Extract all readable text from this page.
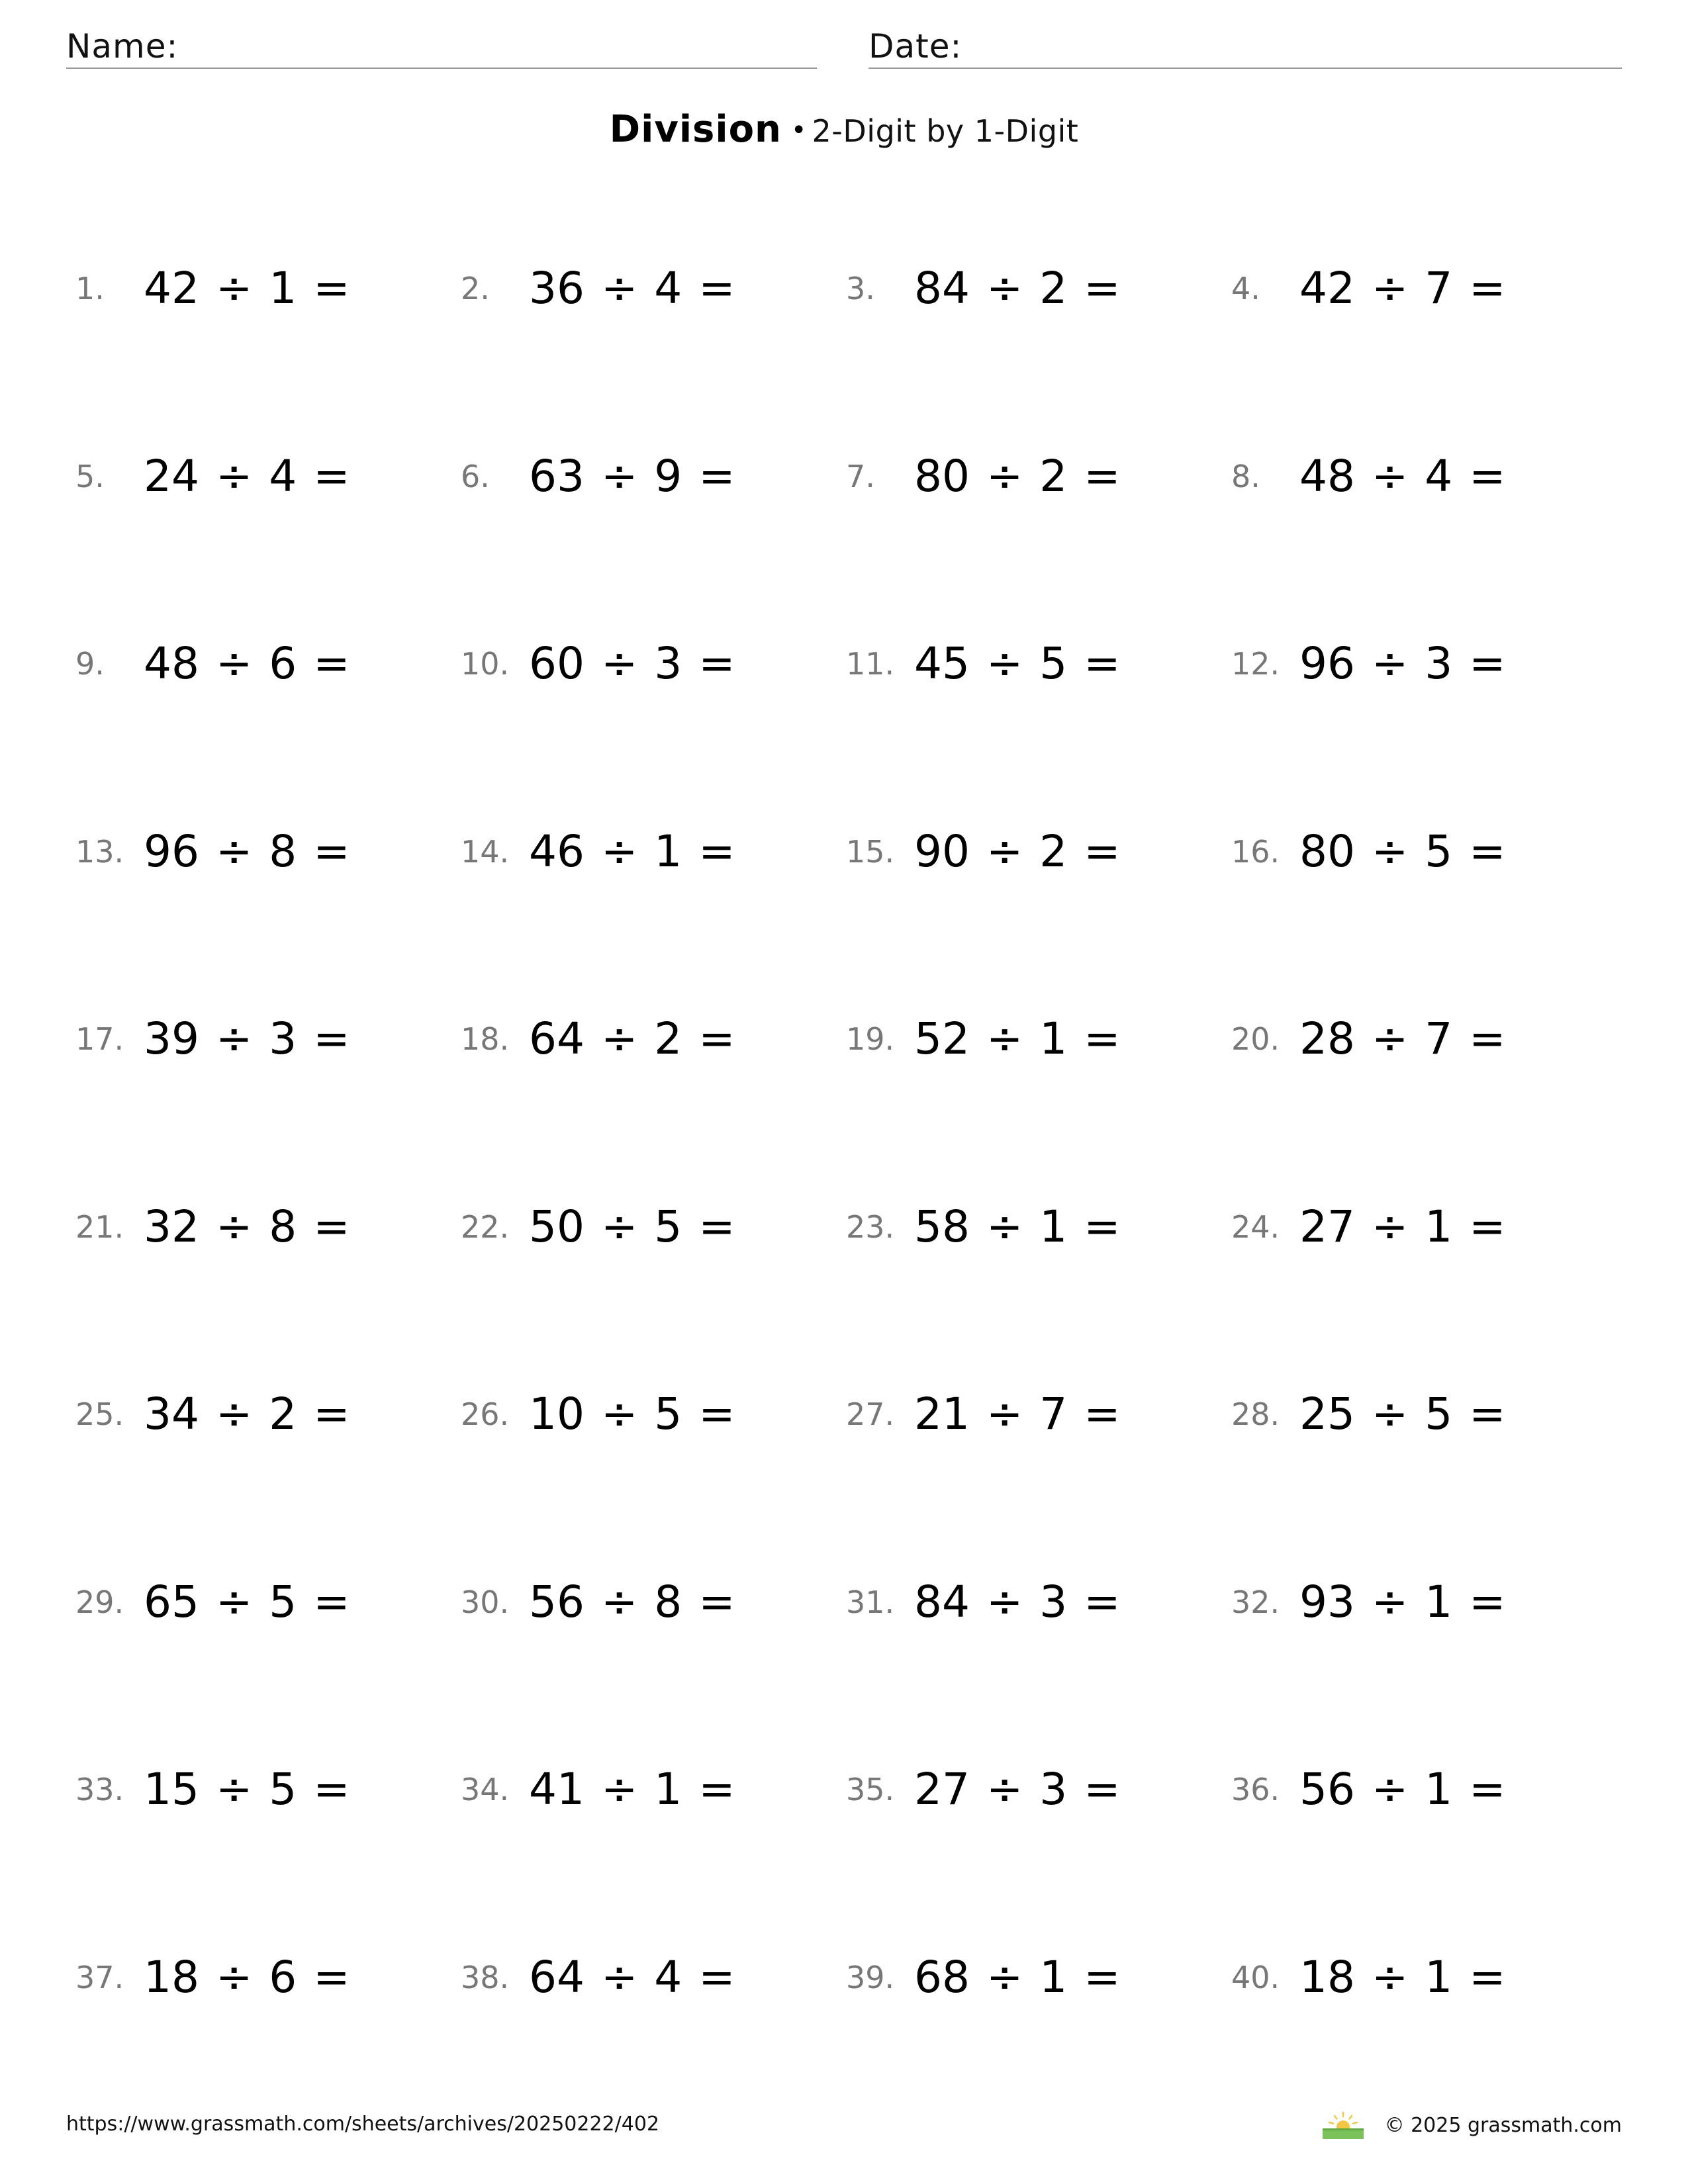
Name:	Date:
Division • 2-Digit by 1-Digit
1. 42 ÷ 1 =	2. 36 ÷ 4 =	3. 84 ÷ 2 =	4. 42 ÷ 7 =
5. 24 ÷ 4 =	6. 63 ÷ 9 =	7. 80 ÷ 2 =	8. 48 ÷ 4 =
9. 48 ÷ 6 =	10. 60 ÷ 3 =	11. 45 ÷ 5 =	12. 96 ÷ 3 =
13. 96 ÷ 8 =	14. 46 ÷ 1 =	15. 90 ÷ 2 =	16. 80 ÷ 5 =
17. 39 ÷ 3 =	18. 64 ÷ 2 =	19. 52 ÷ 1 =	20. 28 ÷ 7 =
21. 32 ÷ 8 =	22. 50 ÷ 5 =	23. 58 ÷ 1 =	24. 27 ÷ 1 =
25. 34 ÷ 2 =	26. 10 ÷ 5 =	27. 21 ÷ 7 =	28. 25 ÷ 5 =
29. 65 ÷ 5 =	30. 56 ÷ 8 =	31. 84 ÷ 3 =	32. 93 ÷ 1 =
33. 15 ÷ 5 =	34. 41 ÷ 1 =	35. 27 ÷ 3 =	36. 56 ÷ 1 =
37. 18 ÷ 6 =	38. 64 ÷ 4 =	39. 68 ÷ 1 =	40. 18 ÷ 1 =
https://www.grassmath.com/sheets/archives/20250222/402	© 2025 grassmath.com
